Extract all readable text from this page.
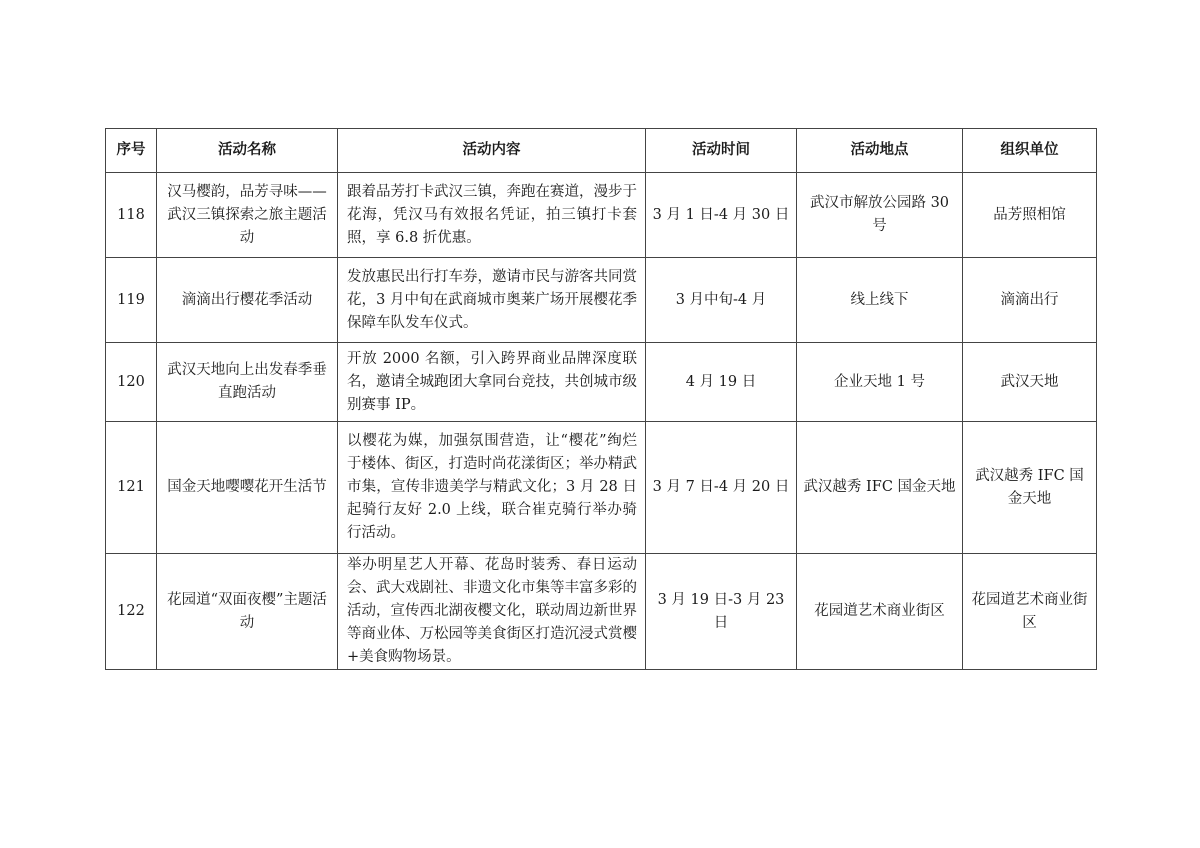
序号	活动名称	活动内容	活动时间	活动地点	组织单位
118	汉马樱韵，品芳寻味——武汉三镇探索之旅主题活动	跟着品芳打卡武汉三镇，奔跑在赛道，漫步于花海，凭汉马有效报名凭证，拍三镇打卡套照，享 6.8 折优惠。	3 月 1 日-4 月 30 日	武汉市解放公园路 30 号	品芳照相馆
119	滴滴出行樱花季活动	发放惠民出行打车券，邀请市民与游客共同赏花，3 月中旬在武商城市奥莱广场开展樱花季保障车队发车仪式。	3 月中旬-4 月	线上线下	滴滴出行
120	武汉天地向上出发春季垂直跑活动	开放 2000 名额，引入跨界商业品牌深度联名，邀请全城跑团大拿同台竞技，共创城市级别赛事 IP。	4 月 19 日	企业天地 1 号	武汉天地
121	国金天地嘤嘤花开生活节	以樱花为媒，加强氛围营造，让“樱花”绚烂于楼体、街区，打造时尚花漾街区；举办精武市集，宣传非遗美学与精武文化；3 月 28 日起骑行友好 2.0 上线，联合崔克骑行举办骑行活动。	3 月 7 日-4 月 20 日	武汉越秀 IFC 国金天地	武汉越秀 IFC 国金天地
122	花园道“双面夜樱”主题活动	举办明星艺人开幕、花岛时装秀、春日运动会、武大戏剧社、非遗文化市集等丰富多彩的活动，宣传西北湖夜樱文化，联动周边新世界等商业体、万松园等美食街区打造沉浸式赏樱+美食购物场景。	3 月 19 日-3 月 23 日	花园道艺术商业街区	花园道艺术商业街区
